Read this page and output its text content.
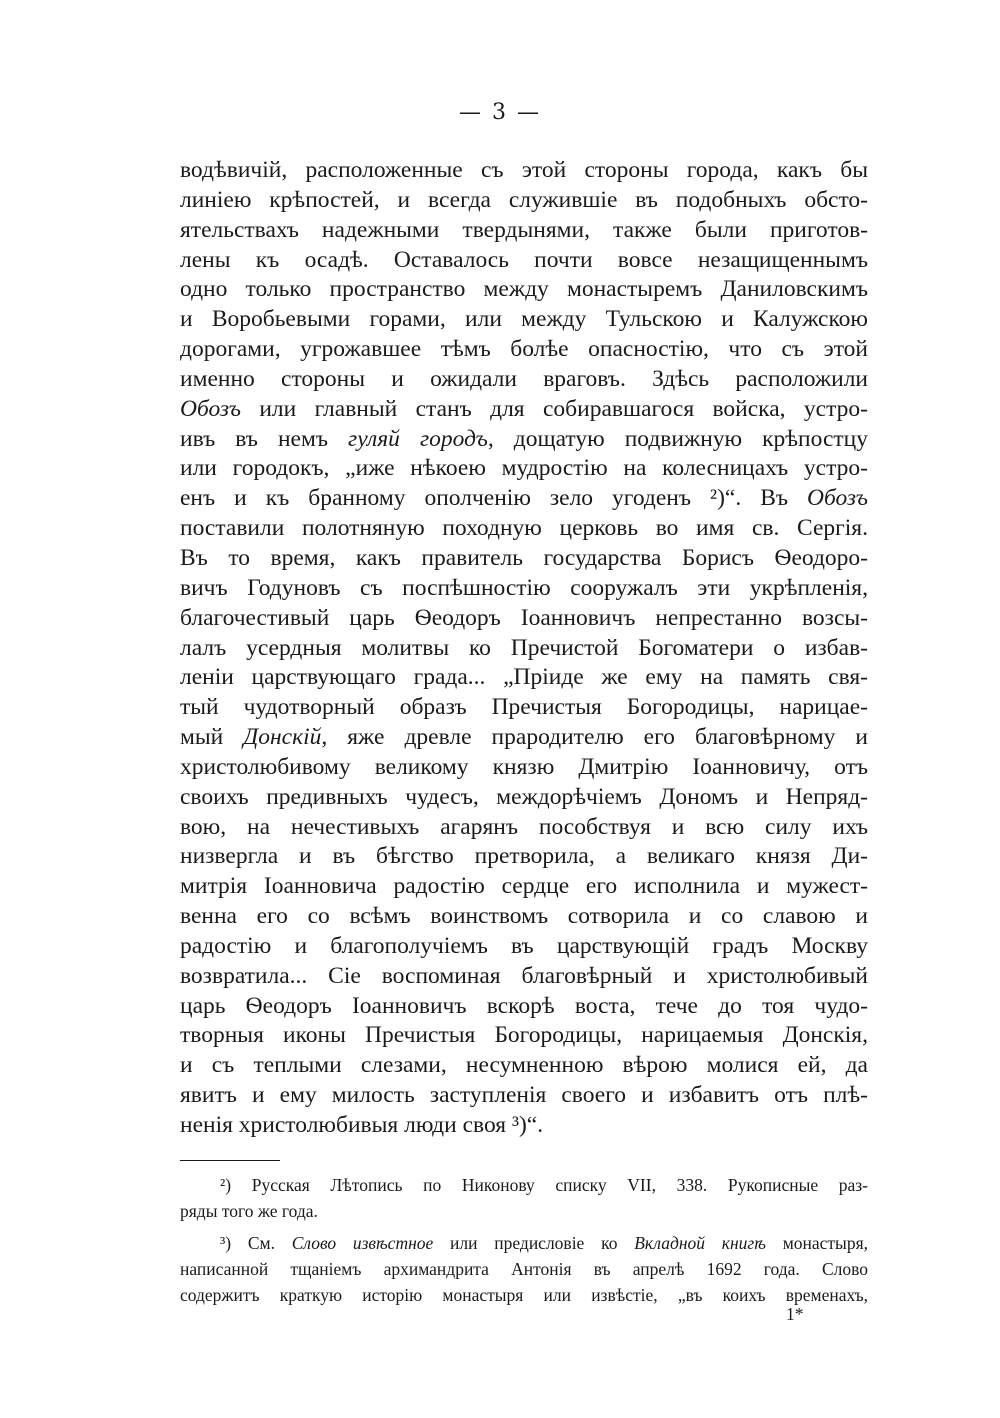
— 3 —
водѣвичій, расположенные съ этой стороны города, какъ бы
линіею крѣпостей, и всегда служившіе въ подобныхъ обсто-
ятельствахъ надежными твердынями, также были приготов-
лены къ осадѣ. Оставалось почти вовсе незащищеннымъ
одно только пространство между монастыремъ Даниловскимъ
и Воробьевыми горами, или между Тульскою и Калужскою
дорогами, угрожавшее тѣмъ болѣе опасностію, что съ этой
именно стороны и ожидали враговъ. Здѣсь расположили
Обозъ или главный станъ для собиравшагося войска, устро-
ивъ въ немъ гуляй городъ, дощатую подвижную крѣпостцу
или городокъ, „иже нѣкоею мудростію на колесницахъ устро-
енъ и къ бранному ополченію зело угоденъ ²)“. Въ Обозъ
поставили полотняную походную церковь во имя св. Сергія.
Въ то время, какъ правитель государства Борисъ Ѳеодоро-
вичъ Годуновъ съ поспѣшностію сооружалъ эти укрѣпленія,
благочестивый царь Ѳеодоръ Іоанновичъ непрестанно возсы-
лалъ усердныя молитвы ко Пречистой Богоматери о избав-
леніи царствующаго града... „Пріиде же ему на память свя-
тый чудотворный образъ Пречистыя Богородицы, нарицае-
мый Донскій, яже древле прародителю его благовѣрному и
христолюбивому великому князю Дмитрію Іоанновичу, отъ
своихъ предивныхъ чудесъ, междорѣчіемъ Дономъ и Непряд-
вою, на нечестивыхъ агарянъ пособствуя и всю силу ихъ
низвергла и въ бѣгство претворила, а великаго князя Ди-
митрія Іоанновича радостію сердце его исполнила и мужест-
венна его со всѣмъ воинствомъ сотворила и со славою и
радостію и благополучіемъ въ царствующій градъ Москву
возвратила... Сіе воспоминая благовѣрный и христолюбивый
царь Ѳеодоръ Іоанновичъ вскорѣ воста, тече до тоя чудо-
творныя иконы Пречистыя Богородицы, нарицаемыя Донскія,
и съ теплыми слезами, несумненною вѣрою молися ей, да
явитъ и ему милость заступленія своего и избавитъ отъ плѣ-
ненія христолюбивыя люди своя ³)“.
²) Русская Лѣтопись по Никонову списку VII, 338. Рукописные раз-
ряды того же года.
³) См. Слово извѣстное или предисловіе ко Вкладной книгѣ монастыря,
написанной тщаніемъ архимандрита Антонія въ апрелѣ 1692 года. Слово
содержитъ краткую исторію монастыря или извѣстіе, „въ коихъ временахъ,
1*
